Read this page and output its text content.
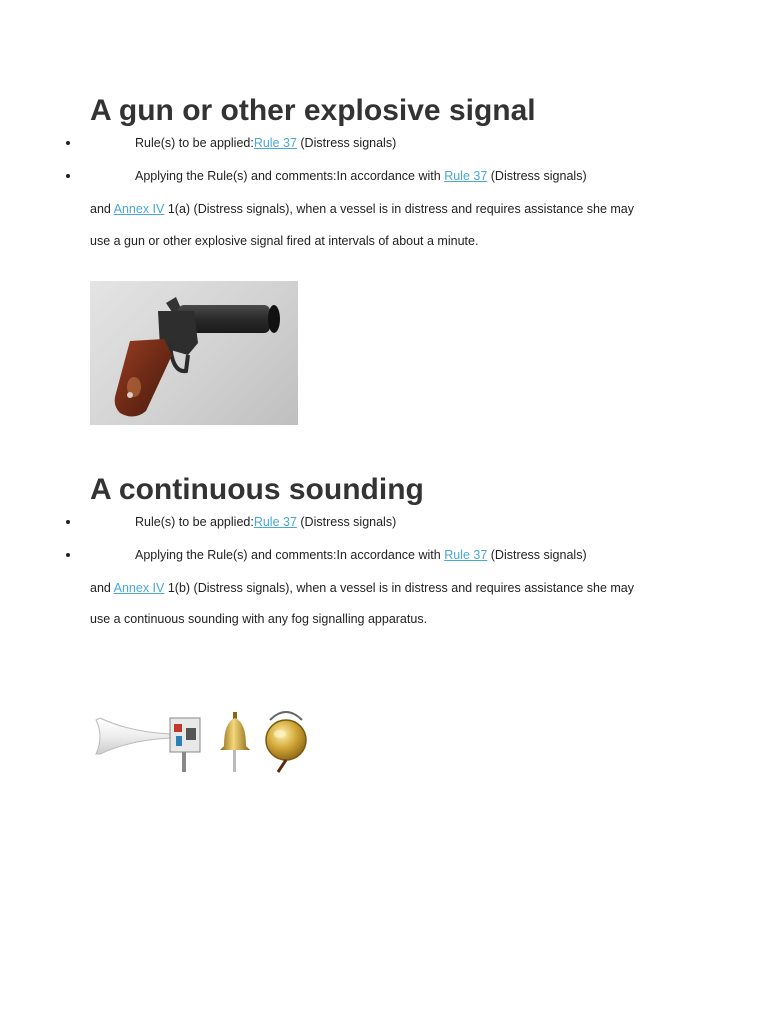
A gun or other explosive signal
Rule(s) to be applied:Rule 37 (Distress signals)
Applying the Rule(s) and comments:In accordance with Rule 37 (Distress signals)
and Annex IV 1(a) (Distress signals), when a vessel is in distress and requires assistance she may
use a gun or other explosive signal fired at intervals of about a minute.
A continuous sounding
Rule(s) to be applied:Rule 37 (Distress signals)
Applying the Rule(s) and comments:In accordance with Rule 37 (Distress signals)
and Annex IV 1(b) (Distress signals), when a vessel is in distress and requires assistance she may
use a continuous sounding with any fog signalling apparatus.
